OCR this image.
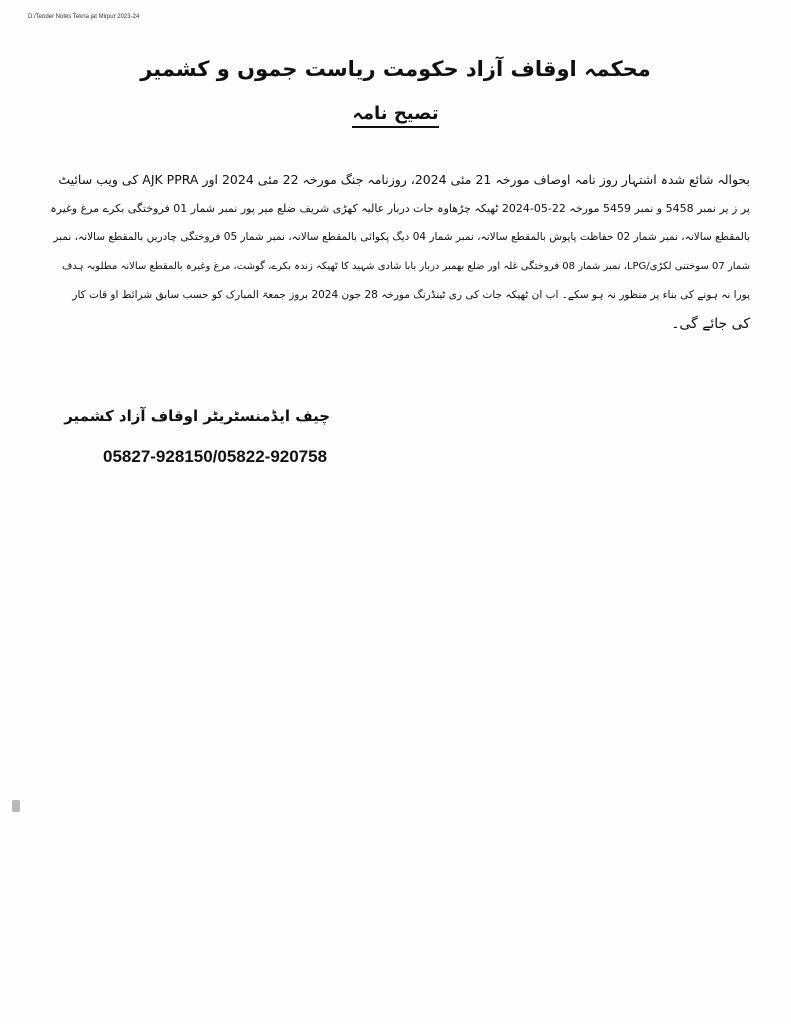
D:/Tender Notes Tekna jat Mirpur 2023-24
محکمہ اوقاف آزاد حکومت ریاست جموں و کشمیر
تصیح نامہ
بحوالہ شائع شدہ اشتہار روز نامہ اوصاف مورخہ 21 مئی 2024، روزنامہ جنگ مورخہ 22 مئی 2024 اور AJK PPRA کی ویب سائیٹ
پر ز یر نمبر 5458 و نمبر 5459 مورخہ 22-05-2024 ٹھیکہ چڑھاوہ جات دربار عالیہ کھڑی شریف ضلع میر پور نمبر شمار 01 فروختگی بکرے مرغ وغیرہ
بالمقطع سالانہ، نمبر شمار 02 حفاظت پاپوش بالمقطع سالانہ، نمبر شمار 04 دیگ پکوائی بالمقطع سالانہ، نمبر شمار 05 فروختگی چادریں بالمقطع سالانہ، نمبر
شمار 07 سوختنی لکڑی/LPG، نمبر شمار 08 فروختگی غلہ اور ضلع بھمبر دربار بابا شادی شہید کا ٹھیکہ زندہ بکرے، گوشت، مرغ وغیرہ بالمقطع سالانہ مطلوبہ ہدف
پورا نہ ہونے کی بناء پر منظور نہ ہو سکے۔ اب ان ٹھیکہ جات کی ری ٹینڈرنگ مورخہ 28 جون 2024 بروز جمعۃ المبارک کو حسب سابق شرائط او قات کار
کی جائے گی۔
چیف ایڈمنسٹریٹر اوقاف آزاد کشمیر
05827-928150/05822-920758
